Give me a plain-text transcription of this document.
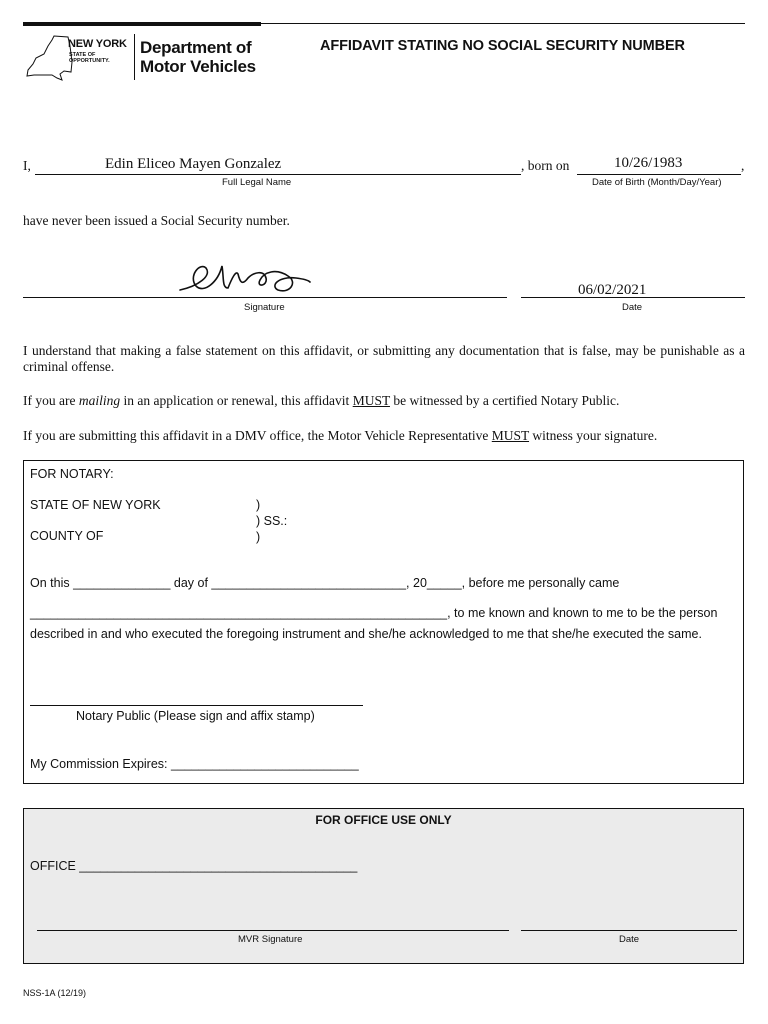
NEW YORK
STATE OF
OPPORTUNITY.
Department of
Motor Vehicles
AFFIDAVIT STATING NO SOCIAL SECURITY NUMBER
I,	Edin Eliceo Mayen Gonzalez
Full Legal Name
, born on	10/26/1983	,
Date of Birth (Month/Day/Year)
have never been issued a Social Security number.
Signature
06/02/2021
Date
I understand that making a false statement on this affidavit, or submitting any documentation that is false, may be punishable as a criminal offense.
If you are mailing in an application or renewal, this affidavit MUST be witnessed by a certified Notary Public.
If you are submitting this affidavit in a DMV office, the Motor Vehicle Representative MUST witness your signature.
FOR NOTARY:
STATE OF NEW YORK	)
) SS.:
)
COUNTY OF
On this ______________ day of ____________________________, 20_____, before me personally came
____________________________________________________________, to me known and known to me to be the person
described in and who executed the foregoing instrument and she/he acknowledged to me that she/he executed the same.
Notary Public (Please sign and affix stamp)
My Commission Expires: ___________________________
FOR OFFICE USE ONLY
OFFICE ________________________________________
MVR Signature	Date
NSS-1A (12/19)
